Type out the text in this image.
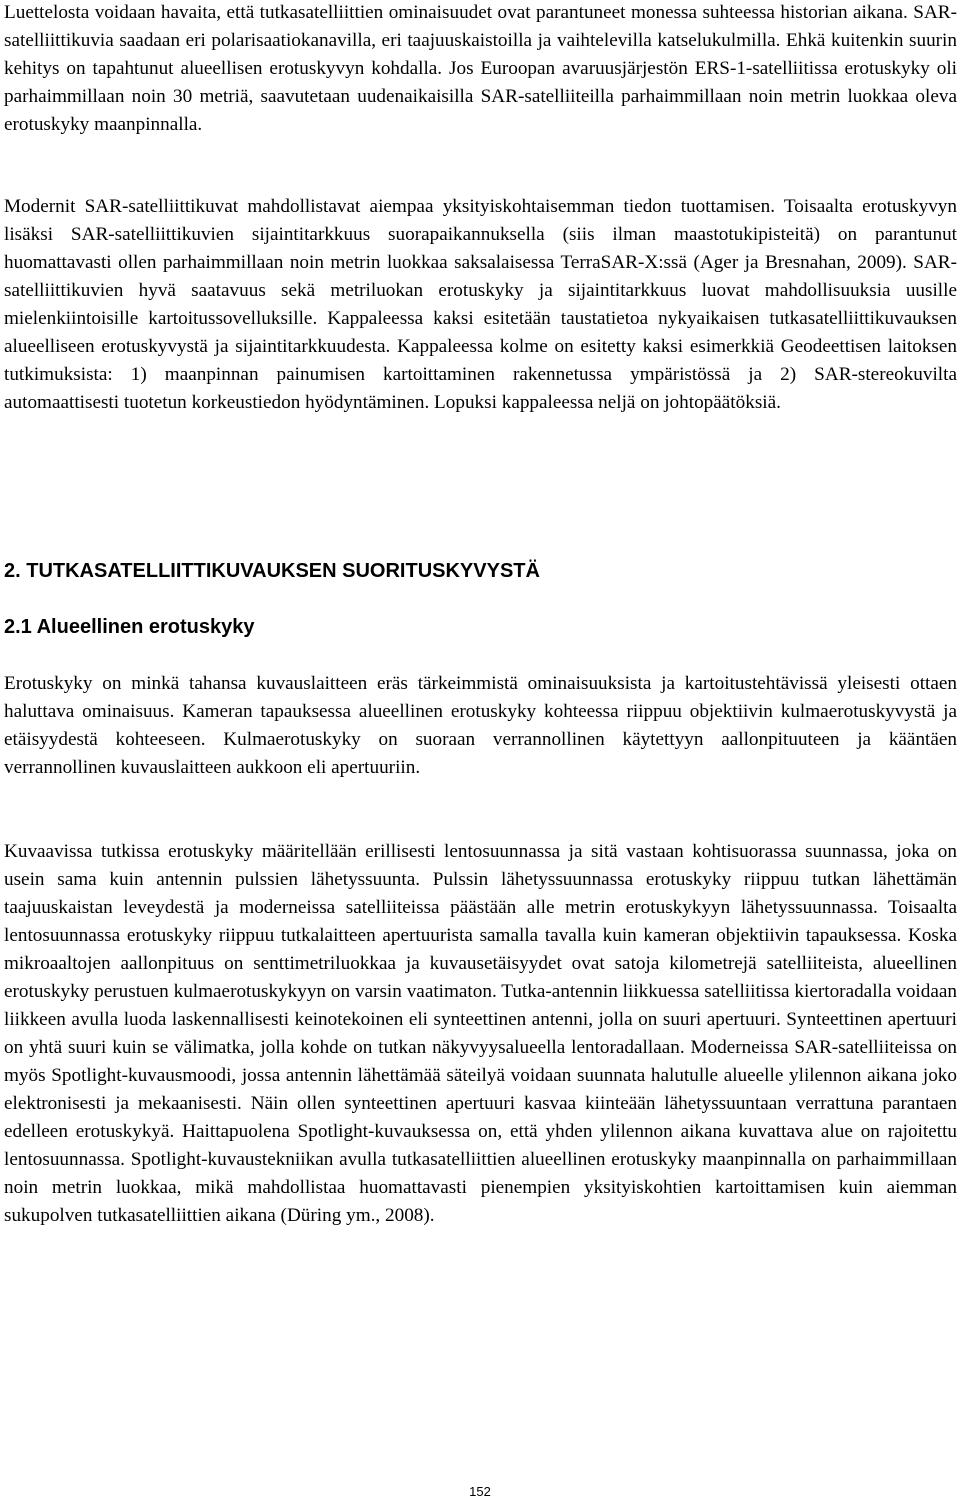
Luettelosta voidaan havaita, että tutkasatelliittien ominaisuudet ovat parantuneet monessa suhteessa historian aikana. SAR-satelliittikuvia saadaan eri polarisaatiokanavilla, eri taajuuskaistoilla ja vaihtelevilla katselukulmilla. Ehkä kuitenkin suurin kehitys on tapahtunut alueellisen erotuskyvyn kohdalla. Jos Euroopan avaruusjärjestön ERS-1-satelliitissa erotuskyky oli parhaimmillaan noin 30 metriä, saavutetaan uudenaikaisilla SAR-satelliiteilla parhaimmillaan noin metrin luokkaa oleva erotuskyky maanpinnalla.

Modernit SAR-satelliittikuvat mahdollistavat aiempaa yksityiskohtaisemman tiedon tuottamisen. Toisaalta erotuskyvyn lisäksi SAR-satelliittikuvien sijaintitarkkuus suorapaikannuksella (siis ilman maastotukipisteitä) on parantunut huomattavasti ollen parhaimmillaan noin metrin luokkaa saksalaisessa TerraSAR-X:ssä (Ager ja Bresnahan, 2009). SAR-satelliittikuvien hyvä saatavuus sekä metriluokan erotuskyky ja sijaintitarkkuus luovat mahdollisuuksia uusille mielenkiintoisille kartoitussovelluksille. Kappaleessa kaksi esitetään taustatietoa nykyaikaisen tutkasatelliittikuvauksen alueelliseen erotuskyvystä ja sijaintitarkkuudesta. Kappaleessa kolme on esitetty kaksi esimerkkiä Geodeettisen laitoksen tutkimuksista: 1) maanpinnan painumisen kartoittaminen rakennetussa ympäristössä ja 2) SAR-stereokuvilta automaattisesti tuotetun korkeustiedon hyödyntäminen. Lopuksi kappaleessa neljä on johtopäätöksiä.

2. TUTKASATELLIITTIKUVAUKSEN SUORITUSKYVYSTÄ
2.1 Alueellinen erotuskyky

Erotuskyky on minkä tahansa kuvauslaitteen eräs tärkeimmistä ominaisuuksista ja kartoitustehtävissä yleisesti ottaen haluttava ominaisuus. Kameran tapauksessa alueellinen erotuskyky kohteessa riippuu objektiivin kulmaerotuskyvystä ja etäisyydestä kohteeseen. Kulmaerotuskyky on suoraan verrannollinen käytettyyn aallonpituuteen ja kääntäen verrannollinen kuvauslaitteen aukkoon eli apertuuriin.

Kuvaavissa tutkissa erotuskyky määritellään erillisesti lentosuunnassa ja sitä vastaan kohtisuorassa suunnassa, joka on usein sama kuin antennin pulssien lähetyssuunta. Pulssin lähetyssuunnassa erotuskyky riippuu tutkan lähettämän taajuuskaistan leveydestä ja moderneissa satelliiteissa päästään alle metrin erotuskykyyn lähetyssuunnassa. Toisaalta lentosuunnassa erotuskyky riippuu tutkalaitteen apertuurista samalla tavalla kuin kameran objektiivin tapauksessa. Koska mikroaaltojen aallonpituus on senttimetriluokkaa ja kuvausetäisyydet ovat satoja kilometrejä satelliiteista, alueellinen erotuskyky perustuen kulmaerotuskykyyn on varsin vaatimaton. Tutka-antennin liikkuessa satelliitissa kiertoradalla voidaan liikkeen avulla luoda laskennallisesti keinotekoinen eli synteettinen antenni, jolla on suuri apertuuri. Synteettinen apertuuri on yhtä suuri kuin se välimatka, jolla kohde on tutkan näkyvyysalueella lentoradallaan. Moderneissa SAR-satelliiteissa on myös Spotlight-kuvausmoodi, jossa antennin lähettämää säteilyä voidaan suunnata halutulle alueelle ylilennon aikana joko elektronisesti ja mekaanisesti. Näin ollen synteettinen apertuuri kasvaa kiinteään lähetyssuuntaan verrattuna parantaen edelleen erotuskykyä. Haittapuolena Spotlight-kuvauksessa on, että yhden ylilennon aikana kuvattava alue on rajoitettu lentosuunnassa. Spotlight-kuvaustekniikan avulla tutkasatelliittien alueellinen erotuskyky maanpinnalla on parhaimmillaan noin metrin luokkaa, mikä mahdollistaa huomattavasti pienempien yksityiskohtien kartoittamisen kuin aiemman sukupolven tutkasatelliittien aikana (Düring ym., 2008).

152
